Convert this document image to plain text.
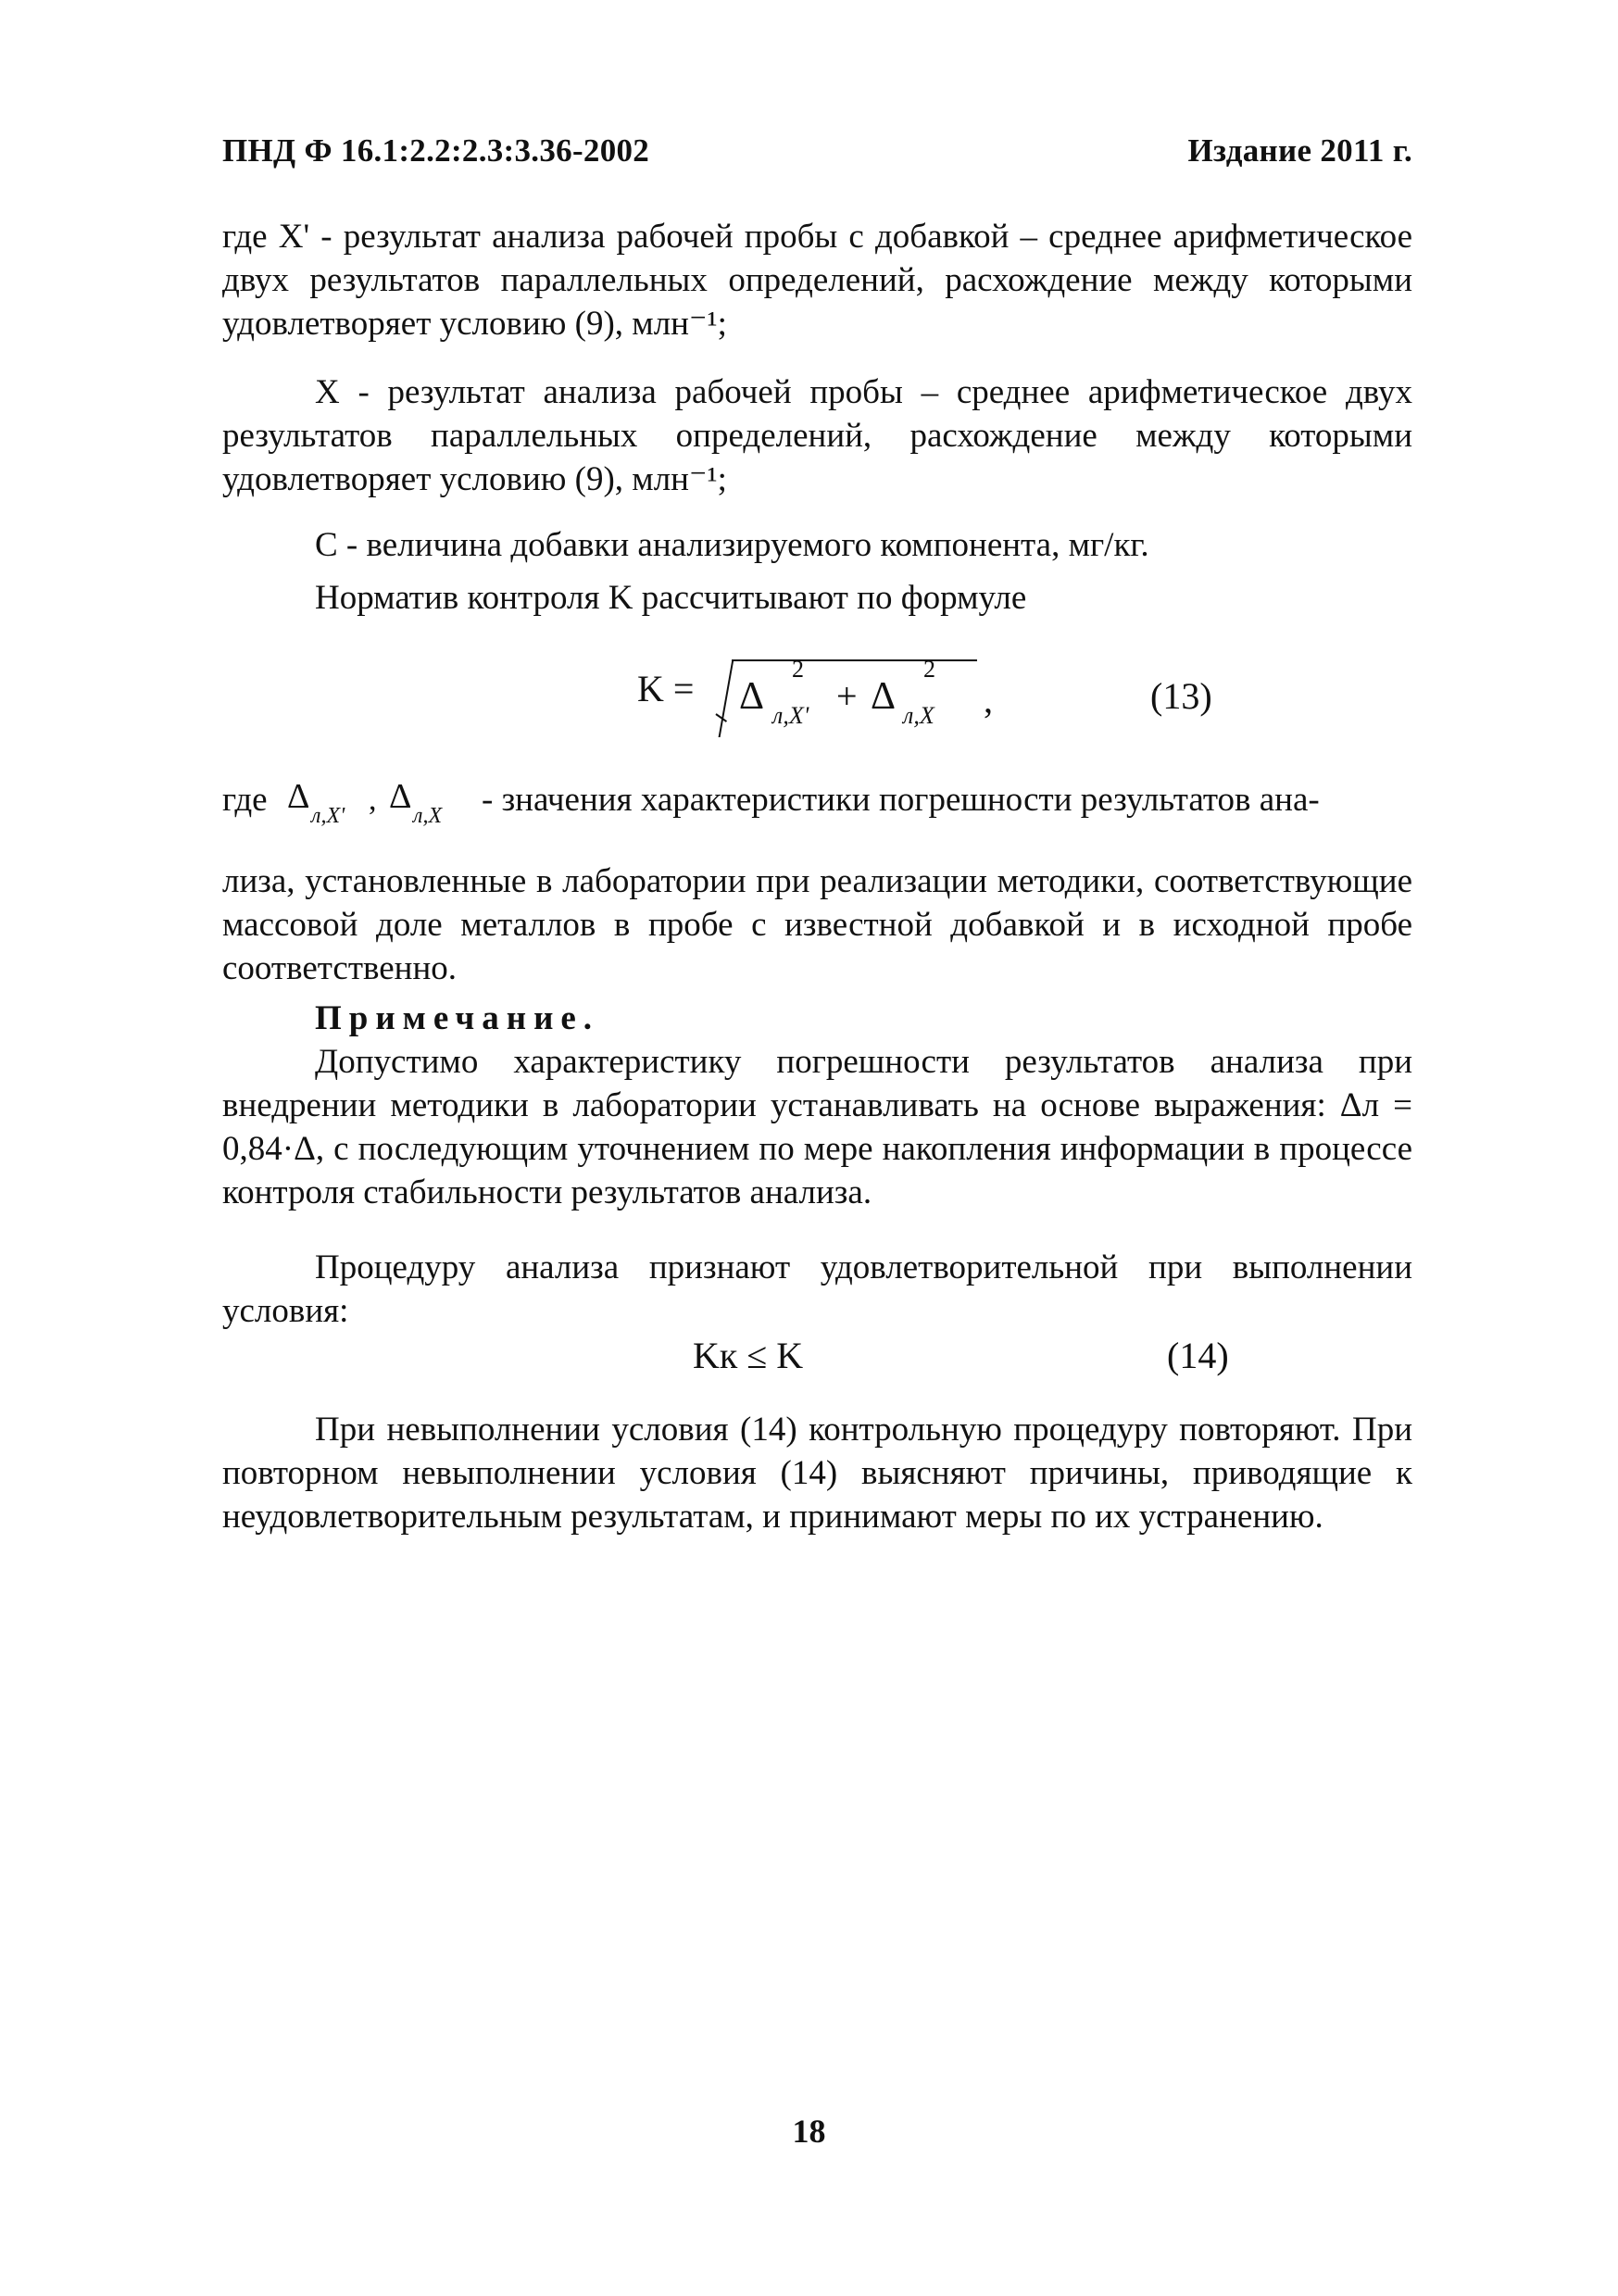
ПНД Ф 16.1:2.2:2.3:3.36-2002	Издание 2011 г.
где X' - результат анализа рабочей пробы с добавкой – среднее арифметическое двух результатов параллельных определений, расхождение между которыми удовлетворяет условию (9), млн⁻¹;
X - результат анализа рабочей пробы – среднее арифметическое двух результатов параллельных определений, расхождение между которыми удовлетворяет условию (9), млн⁻¹;
C - величина добавки анализируемого компонента, мг/кг.
Норматив контроля K рассчитывают по формуле
K = Δ
2
л,X' + Δ
2
л,X ,	(13)
где Δ л,X' , Δ л,X - значения характеристики погрешности результатов ана-
лиза, установленные в лаборатории при реализации методики, соответствующие массовой доле металлов в пробе с известной добавкой и в исходной пробе соответственно.
Примечание.
Допустимо характеристику погрешности результатов анализа при внедрении методики в лаборатории устанавливать на основе выражения: Δл = 0,84·Δ, с последующим уточнением по мере накопления информации в процессе контроля стабильности результатов анализа.
Процедуру анализа признают удовлетворительной при выполнении условия:
Kк ≤ K	(14)
При невыполнении условия (14) контрольную процедуру повторяют. При повторном невыполнении условия (14) выясняют причины, приводящие к неудовлетворительным результатам, и принимают меры по их устранению.
18
